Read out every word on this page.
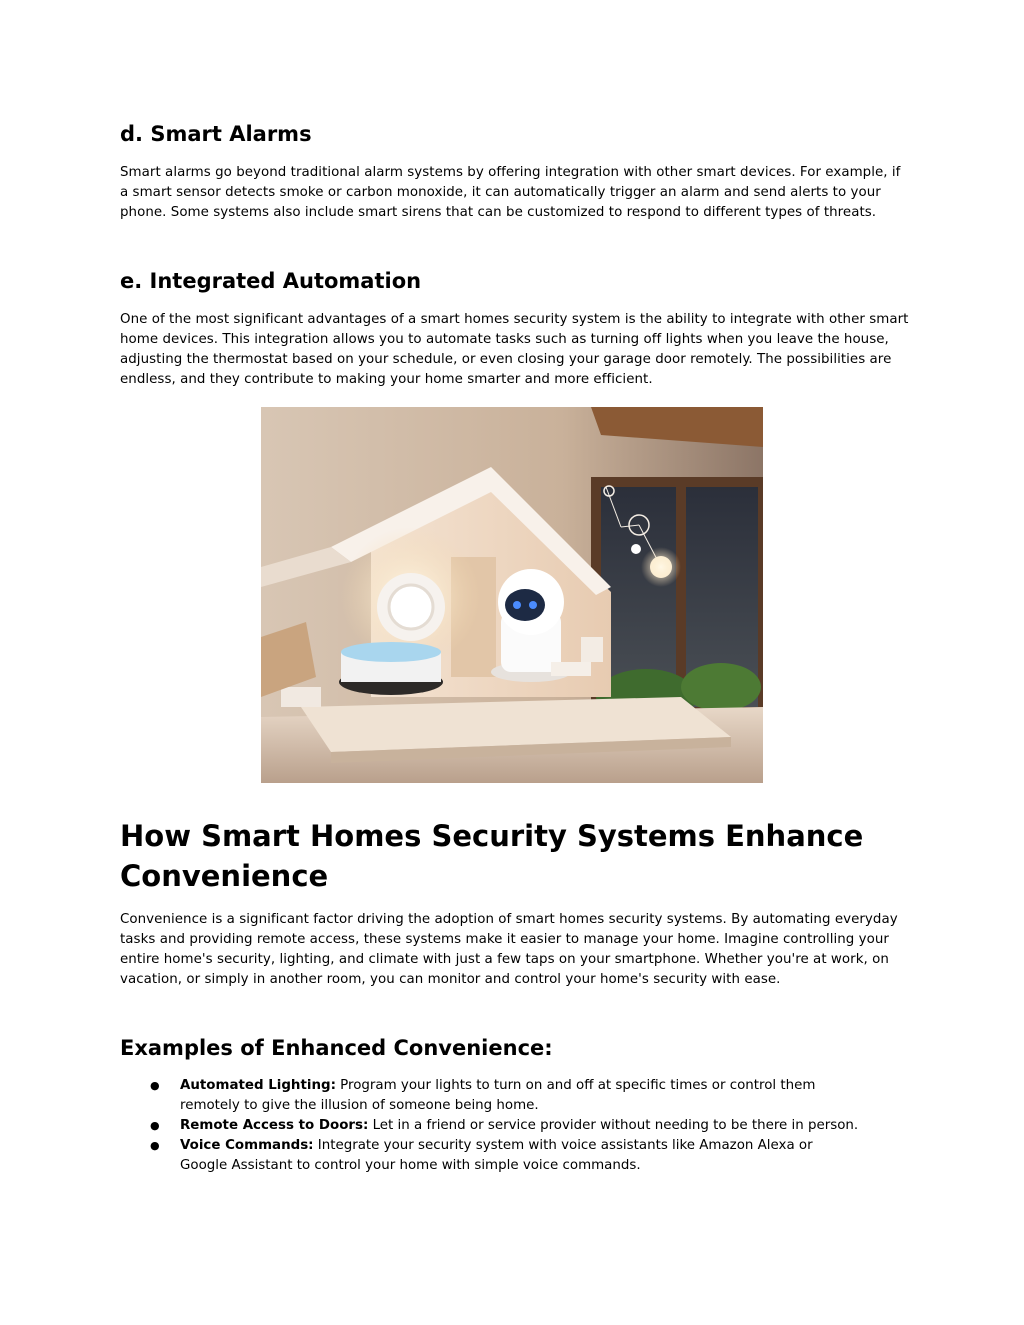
d. Smart Alarms

Smart alarms go beyond traditional alarm systems by offering integration with other smart devices. For example, if a smart sensor detects smoke or carbon monoxide, it can automatically trigger an alarm and send alerts to your phone. Some systems also include smart sirens that can be customized to respond to different types of threats.

e. Integrated Automation

One of the most significant advantages of a smart homes security system is the ability to integrate with other smart home devices. This integration allows you to automate tasks such as turning off lights when you leave the house, adjusting the thermostat based on your schedule, or even closing your garage door remotely. The possibilities are endless, and they contribute to making your home smarter and more efficient.

How Smart Homes Security Systems Enhance Convenience

Convenience is a significant factor driving the adoption of smart homes security systems. By automating everyday tasks and providing remote access, these systems make it easier to manage your home. Imagine controlling your entire home's security, lighting, and climate with just a few taps on your smartphone. Whether you're at work, on vacation, or simply in another room, you can monitor and control your home's security with ease.

Examples of Enhanced Convenience:
● Automated Lighting: Program your lights to turn on and off at specific times or control them remotely to give the illusion of someone being home.
● Remote Access to Doors: Let in a friend or service provider without needing to be there in person.
● Voice Commands: Integrate your security system with voice assistants like Amazon Alexa or Google Assistant to control your home with simple voice commands.
